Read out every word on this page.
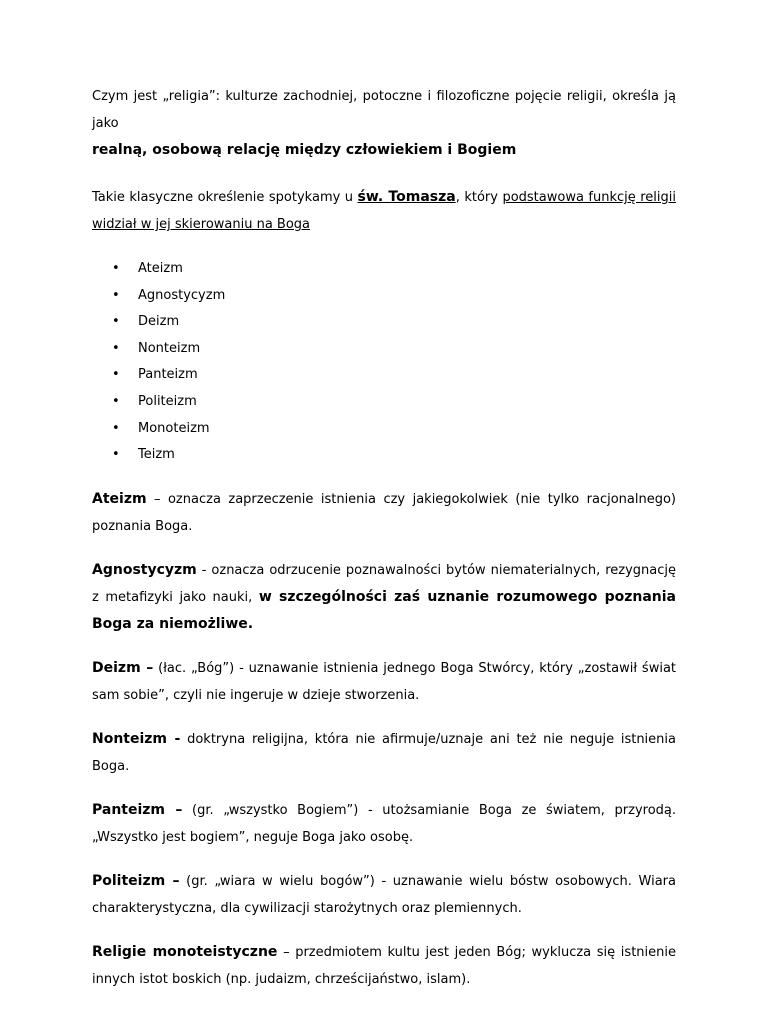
Czym jest „religia”: kulturze zachodniej, potoczne i filozoficzne pojęcie religii, określa ją jako
realną, osobową relację między człowiekiem i Bogiem

Takie klasyczne określenie spotykamy u św. Tomasza, który podstawowa funkcję religii widział w jej skierowaniu na Boga

• Ateizm
• Agnostycyzm
• Deizm
• Nonteizm
• Panteizm
• Politeizm
• Monoteizm
• Teizm

Ateizm – oznacza zaprzeczenie istnienia czy jakiegokolwiek (nie tylko racjonalnego) poznania Boga.

Agnostycyzm - oznacza odrzucenie poznawalności bytów niematerialnych, rezygnację z metafizyki jako nauki, w szczególności zaś uznanie rozumowego poznania Boga za niemożliwe.

Deizm – (łac. „Bóg”) - uznawanie istnienia jednego Boga Stwórcy, który „zostawił świat sam sobie”, czyli nie ingeruje w dzieje stworzenia.

Nonteizm - doktryna religijna, która nie afirmuje/uznaje ani też nie neguje istnienia Boga.

Panteizm – (gr. „wszystko Bogiem”) - utożsamianie Boga ze światem, przyrodą. „Wszystko jest bogiem”, neguje Boga jako osobę.

Politeizm – (gr. „wiara w wielu bogów”) - uznawanie wielu bóstw osobowych. Wiara charakterystyczna, dla cywilizacji starożytnych oraz plemiennych.

Religie monoteistyczne – przedmiotem kultu jest jeden Bóg; wyklucza się istnienie innych istot boskich (np. judaizm, chrześcijaństwo, islam).
